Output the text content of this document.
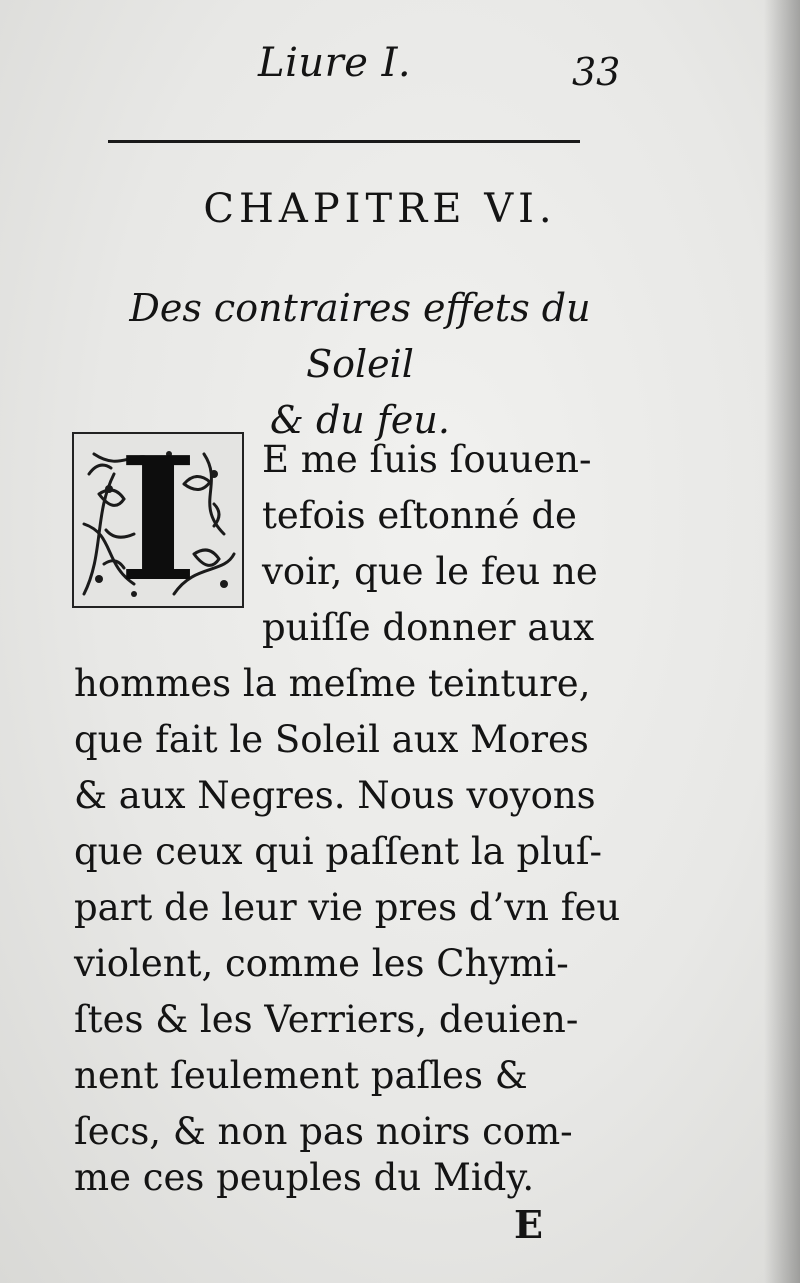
Liure I.	33
CHAPITRE VI.
Des contraires effets du Soleil
& du feu.
I	E me ſuis ſouuen-
tefois eſtonné de
voir, que le feu ne
puiſſe donner aux
hommes la meſme teinture,
que fait le Soleil aux Mores
& aux Negres. Nous voyons
que ceux qui paſſent la pluſ-
part de leur vie pres d’vn feu
violent, comme les Chymi-
ſtes & les Verriers, deuien-
nent ſeulement paſles &
ſecs, & non pas noirs com-
me ces peuples du Midy.
E
